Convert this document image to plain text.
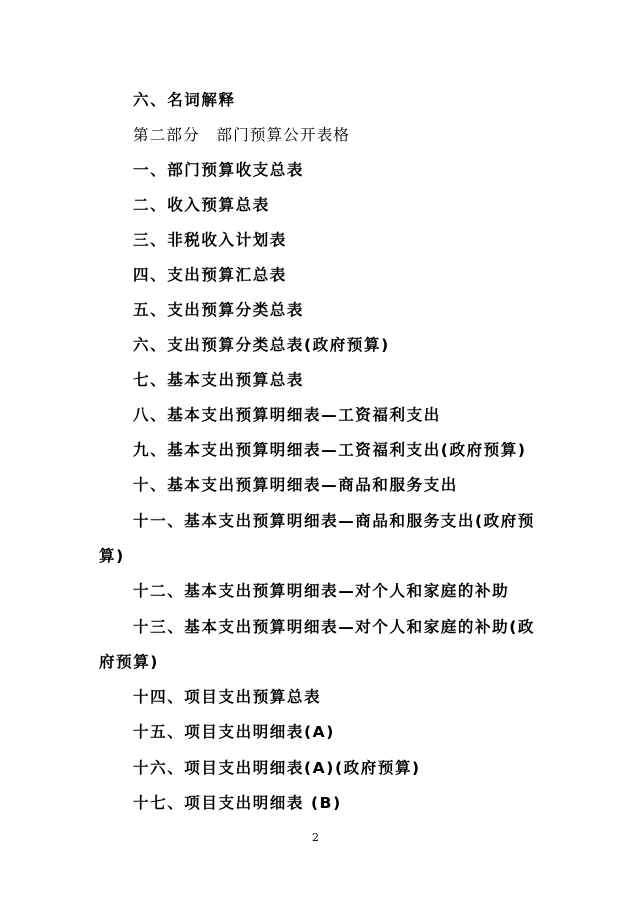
六、名词解释

第二部分　部门预算公开表格

一、部门预算收支总表

二、收入预算总表

三、非税收入计划表

四、支出预算汇总表

五、支出预算分类总表

六、支出预算分类总表(政府预算)

七、基本支出预算总表

八、基本支出预算明细表—工资福利支出

九、基本支出预算明细表—工资福利支出(政府预算)

十、基本支出预算明细表—商品和服务支出

十一、基本支出预算明细表—商品和服务支出(政府预

算)

十二、基本支出预算明细表—对个人和家庭的补助

十三、基本支出预算明细表—对个人和家庭的补助(政

府预算)

十四、项目支出预算总表

十五、项目支出明细表(A)

十六、项目支出明细表(A)(政府预算)

十七、项目支出明细表 (B)

2
